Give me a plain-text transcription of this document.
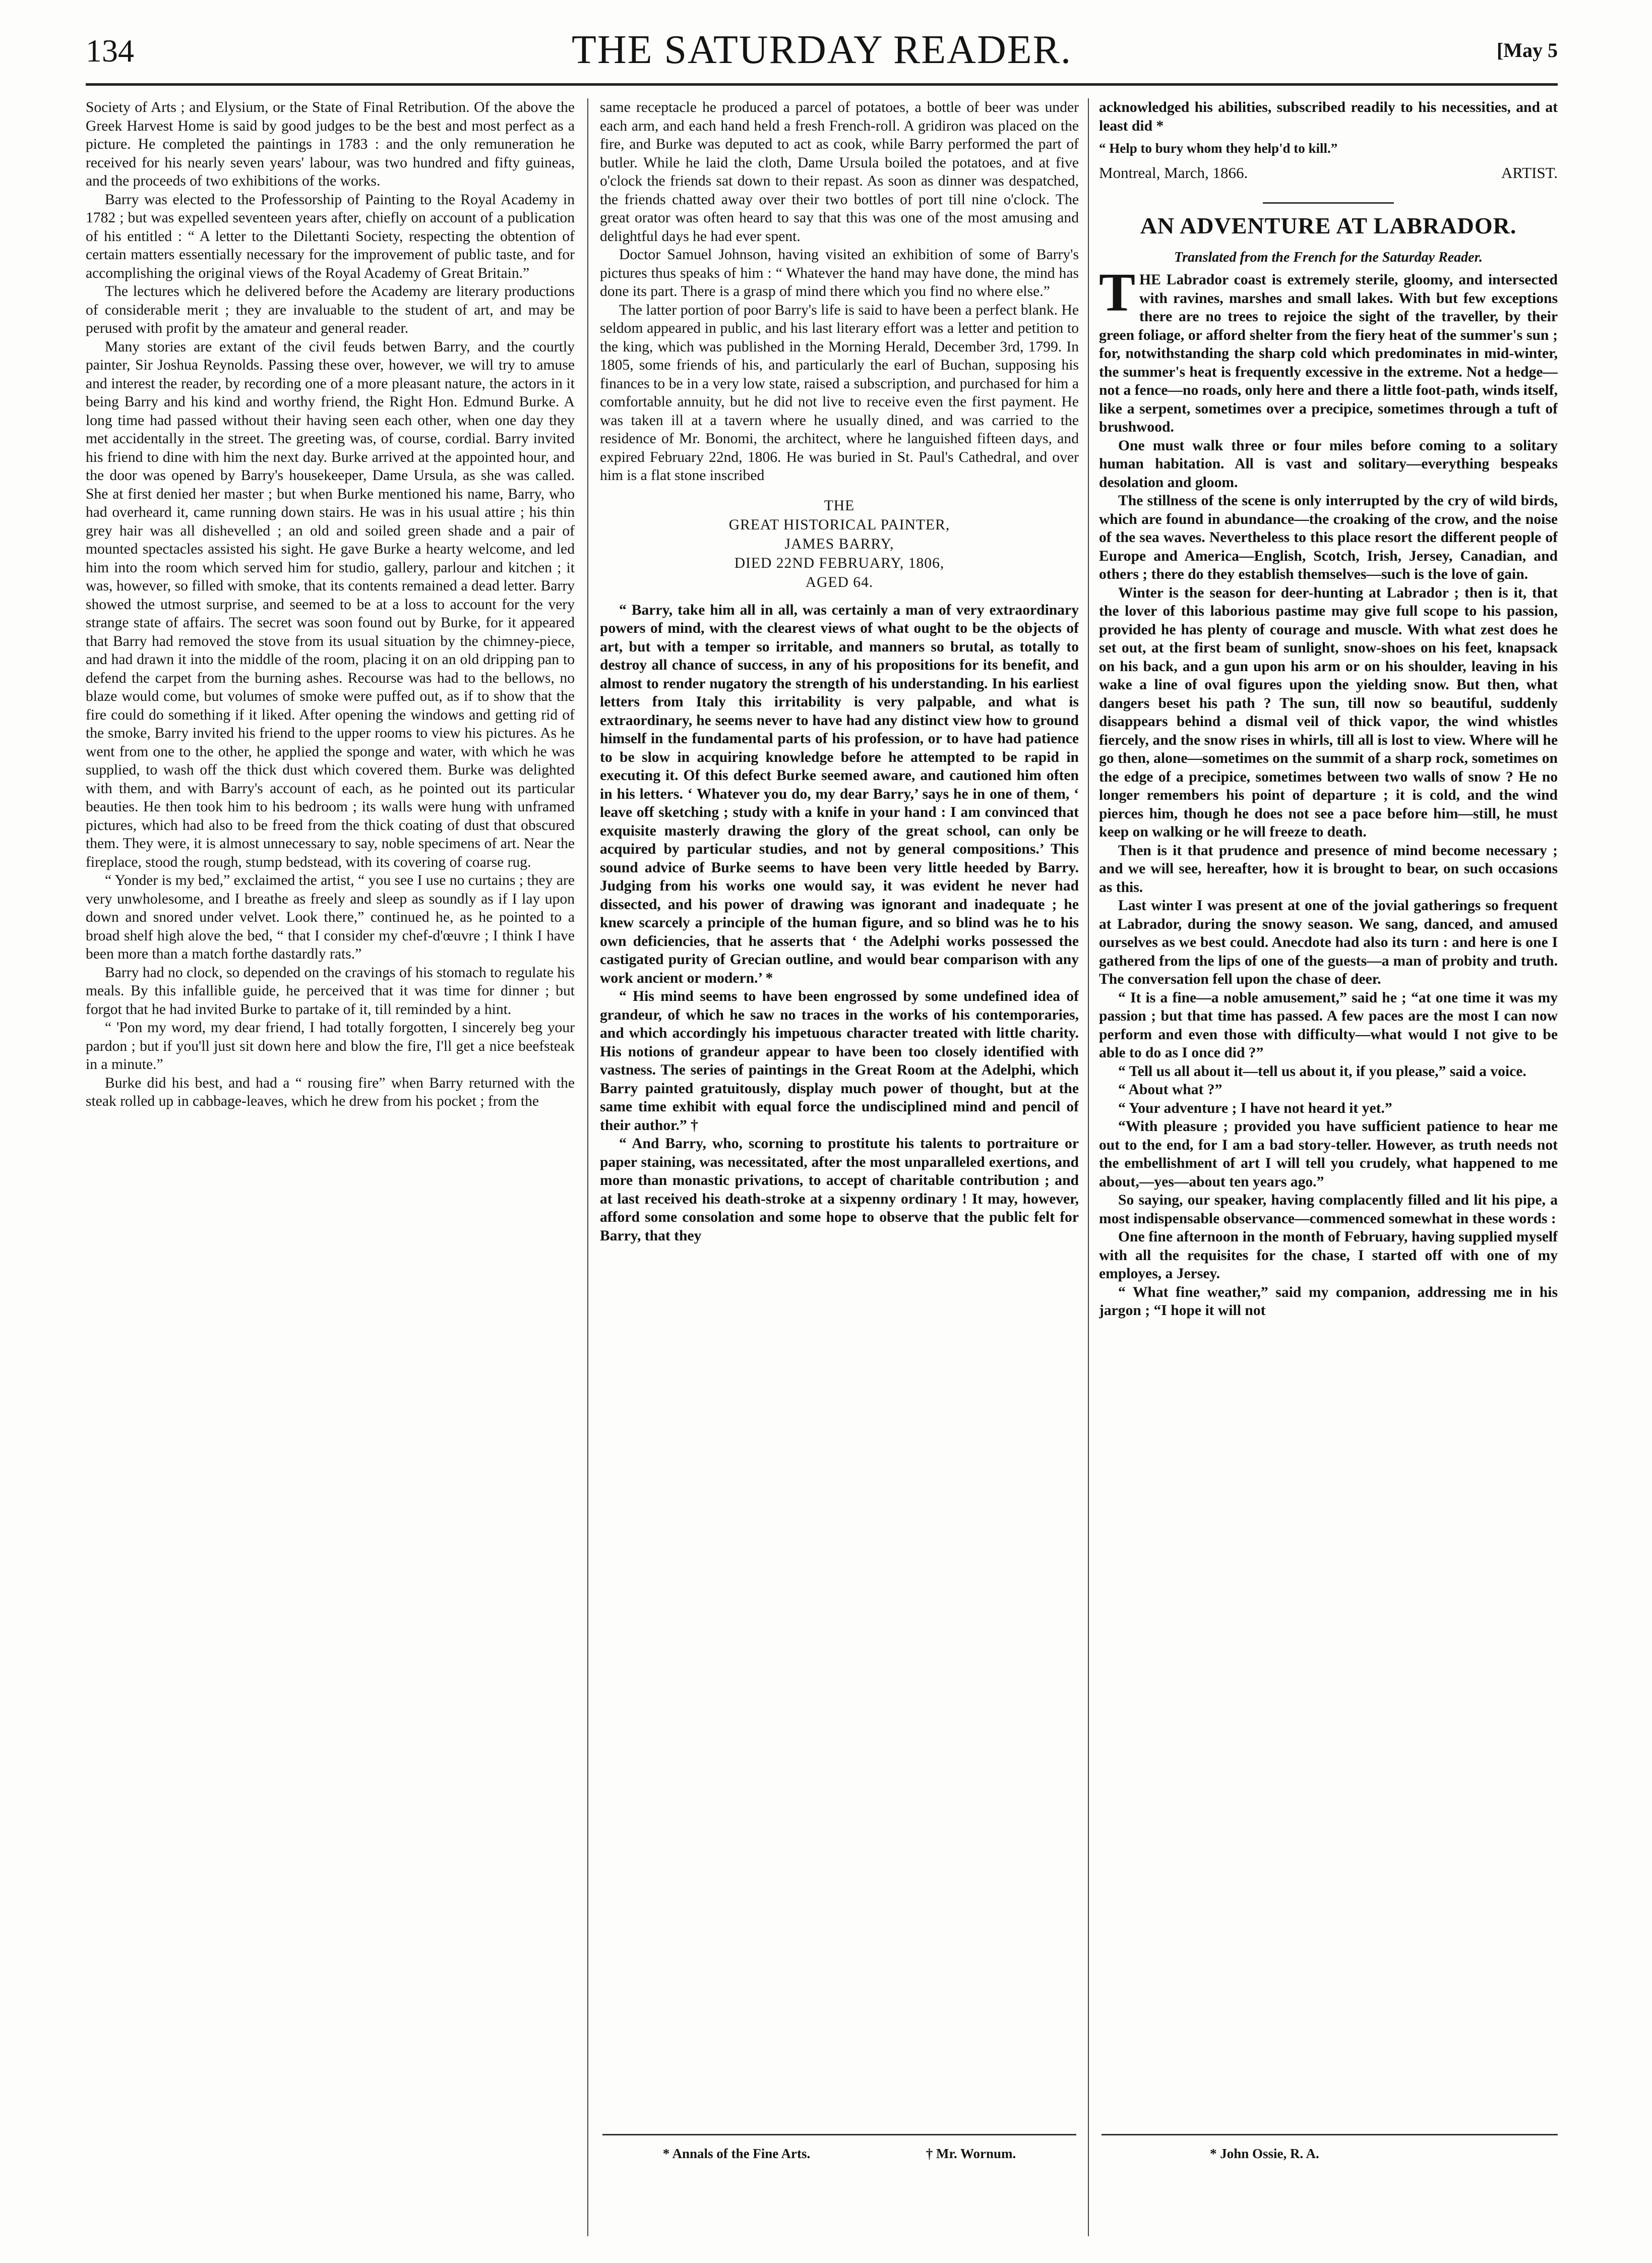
134	THE SATURDAY READER.	[May 5

Society of Arts ; and Elysium, or the State of Final Retribution. Of the above the Greek Harvest Home is said by good judges to be the best and most perfect as a picture. He completed the paintings in 1783 : and the only remuneration he received for his nearly seven years' labour, was two hundred and fifty guineas, and the proceeds of two exhibitions of the works.

Barry was elected to the Professorship of Painting to the Royal Academy in 1782 ; but was expelled seventeen years after, chiefly on account of a publication of his entitled : “ A letter to the Dilettanti Society, respecting the obtention of certain matters essentially necessary for the improvement of public taste, and for accomplishing the original views of the Royal Academy of Great Britain.”

The lectures which he delivered before the Academy are literary productions of considerable merit ; they are invaluable to the student of art, and may be perused with profit by the amateur and general reader.

Many stories are extant of the civil feuds betwen Barry, and the courtly painter, Sir Joshua Reynolds. Passing these over, however, we will try to amuse and interest the reader, by recording one of a more pleasant nature, the actors in it being Barry and his kind and worthy friend, the Right Hon. Edmund Burke. A long time had passed without their having seen each other, when one day they met accidentally in the street. The greeting was, of course, cordial. Barry invited his friend to dine with him the next day. Burke arrived at the appointed hour, and the door was opened by Barry's housekeeper, Dame Ursula, as she was called. She at first denied her master ; but when Burke mentioned his name, Barry, who had overheard it, came running down stairs. He was in his usual attire ; his thin grey hair was all dishevelled ; an old and soiled green shade and a pair of mounted spectacles assisted his sight. He gave Burke a hearty welcome, and led him into the room which served him for studio, gallery, parlour and kitchen ; it was, however, so filled with smoke, that its contents remained a dead letter. Barry showed the utmost surprise, and seemed to be at a loss to account for the very strange state of affairs. The secret was soon found out by Burke, for it appeared that Barry had removed the stove from its usual situation by the chimney-piece, and had drawn it into the middle of the room, placing it on an old dripping pan to defend the carpet from the burning ashes. Recourse was had to the bellows, no blaze would come, but volumes of smoke were puffed out, as if to show that the fire could do something if it liked. After opening the windows and getting rid of the smoke, Barry invited his friend to the upper rooms to view his pictures. As he went from one to the other, he applied the sponge and water, with which he was supplied, to wash off the thick dust which covered them. Burke was delighted with them, and with Barry's account of each, as he pointed out its particular beauties. He then took him to his bedroom ; its walls were hung with unframed pictures, which had also to be freed from the thick coating of dust that obscured them. They were, it is almost unnecessary to say, noble specimens of art. Near the fireplace, stood the rough, stump bedstead, with its covering of coarse rug.

“ Yonder is my bed,” exclaimed the artist, “ you see I use no curtains ; they are very unwholesome, and I breathe as freely and sleep as soundly as if I lay upon down and snored under velvet. Look there,” continued he, as he pointed to a broad shelf high alove the bed, “ that I consider my chef-d'œuvre ; I think I have been more than a match forthe dastardly rats.”

Barry had no clock, so depended on the cravings of his stomach to regulate his meals. By this infallible guide, he perceived that it was time for dinner ; but forgot that he had invited Burke to partake of it, till reminded by a hint.

“ 'Pon my word, my dear friend, I had totally forgotten, I sincerely beg your pardon ; but if you'll just sit down here and blow the fire, I'll get a nice beefsteak in a minute.”

Burke did his best, and had a “ rousing fire” when Barry returned with the steak rolled up in cabbage-leaves, which he drew from his pocket ; from the

same receptacle he produced a parcel of potatoes, a bottle of beer was under each arm, and each hand held a fresh French-roll. A gridiron was placed on the fire, and Burke was deputed to act as cook, while Barry performed the part of butler. While he laid the cloth, Dame Ursula boiled the potatoes, and at five o'clock the friends sat down to their repast. As soon as dinner was despatched, the friends chatted away over their two bottles of port till nine o'clock. The great orator was often heard to say that this was one of the most amusing and delightful days he had ever spent.

Doctor Samuel Johnson, having visited an exhibition of some of Barry's pictures thus speaks of him : “ Whatever the hand may have done, the mind has done its part. There is a grasp of mind there which you find no where else.”

The latter portion of poor Barry's life is said to have been a perfect blank. He seldom appeared in public, and his last literary effort was a letter and petition to the king, which was published in the Morning Herald, December 3rd, 1799. In 1805, some friends of his, and particularly the earl of Buchan, supposing his finances to be in a very low state, raised a subscription, and purchased for him a comfortable annuity, but he did not live to receive even the first payment. He was taken ill at a tavern where he usually dined, and was carried to the residence of Mr. Bonomi, the architect, where he languished fifteen days, and expired February 22nd, 1806. He was buried in St. Paul's Cathedral, and over him is a flat stone inscribed

THE
GREAT HISTORICAL PAINTER,
JAMES BARRY,
DIED 22ND FEBRUARY, 1806,
AGED 64.

“ Barry, take him all in all, was certainly a man of very extraordinary powers of mind, with the clearest views of what ought to be the objects of art, but with a temper so irritable, and manners so brutal, as totally to destroy all chance of success, in any of his propositions for its benefit, and almost to render nugatory the strength of his understanding. In his earliest letters from Italy this irritability is very palpable, and what is extraordinary, he seems never to have had any distinct view how to ground himself in the fundamental parts of his profession, or to have had patience to be slow in acquiring knowledge before he attempted to be rapid in executing it. Of this defect Burke seemed aware, and cautioned him often in his letters. ‘ Whatever you do, my dear Barry,’ says he in one of them, ‘ leave off sketching ; study with a knife in your hand : I am convinced that exquisite masterly drawing the glory of the great school, can only be acquired by particular studies, and not by general compositions.’ This sound advice of Burke seems to have been very little heeded by Barry. Judging from his works one would say, it was evident he never had dissected, and his power of drawing was ignorant and inadequate ; he knew scarcely a principle of the human figure, and so blind was he to his own deficiencies, that he asserts that ‘ the Adelphi works possessed the castigated purity of Grecian outline, and would bear comparison with any work ancient or modern.’ *

“ His mind seems to have been engrossed by some undefined idea of grandeur, of which he saw no traces in the works of his contemporaries, and which accordingly his impetuous character treated with little charity. His notions of grandeur appear to have been too closely identified with vastness. The series of paintings in the Great Room at the Adelphi, which Barry painted gratuitously, display much power of thought, but at the same time exhibit with equal force the undisciplined mind and pencil of their author.” †

“ And Barry, who, scorning to prostitute his talents to portraiture or paper staining, was necessitated, after the most unparalleled exertions, and more than monastic privations, to accept of charitable contribution ; and at last received his death-stroke at a sixpenny ordinary ! It may, however, afford some consolation and some hope to observe that the public felt for Barry, that they

* Annals of the Fine Arts.	† Mr. Wornum.

acknowledged his abilities, subscribed readily to his necessities, and at least did *

“ Help to bury whom they help'd to kill.”
Montreal, March, 1866.	ARTIST.
AN ADVENTURE AT LABRADOR.
Translated from the French for the Saturday Reader.

THE Labrador coast is extremely sterile, gloomy, and intersected with ravines, marshes and small lakes. With but few exceptions there are no trees to rejoice the sight of the traveller, by their green foliage, or afford shelter from the fiery heat of the summer's sun ; for, notwithstanding the sharp cold which predominates in mid-winter, the summer's heat is frequently excessive in the extreme. Not a hedge—not a fence—no roads, only here and there a little foot-path, winds itself, like a serpent, sometimes over a precipice, sometimes through a tuft of brushwood.

One must walk three or four miles before coming to a solitary human habitation. All is vast and solitary—everything bespeaks desolation and gloom.

The stillness of the scene is only interrupted by the cry of wild birds, which are found in abundance—the croaking of the crow, and the noise of the sea waves. Nevertheless to this place resort the different people of Europe and America—English, Scotch, Irish, Jersey, Canadian, and others ; there do they establish themselves—such is the love of gain.

Winter is the season for deer-hunting at Labrador ; then is it, that the lover of this laborious pastime may give full scope to his passion, provided he has plenty of courage and muscle. With what zest does he set out, at the first beam of sunlight, snow-shoes on his feet, knapsack on his back, and a gun upon his arm or on his shoulder, leaving in his wake a line of oval figures upon the yielding snow. But then, what dangers beset his path ? The sun, till now so beautiful, suddenly disappears behind a dismal veil of thick vapor, the wind whistles fiercely, and the snow rises in whirls, till all is lost to view. Where will he go then, alone—sometimes on the summit of a sharp rock, sometimes on the edge of a precipice, sometimes between two walls of snow ? He no longer remembers his point of departure ; it is cold, and the wind pierces him, though he does not see a pace before him—still, he must keep on walking or he will freeze to death.

Then is it that prudence and presence of mind become necessary ; and we will see, hereafter, how it is brought to bear, on such occasions as this.

Last winter I was present at one of the jovial gatherings so frequent at Labrador, during the snowy season. We sang, danced, and amused ourselves as we best could. Anecdote had also its turn : and here is one I gathered from the lips of one of the guests—a man of probity and truth. The conversation fell upon the chase of deer.

“ It is a fine—a noble amusement,” said he ; “at one time it was my passion ; but that time has passed. A few paces are the most I can now perform and even those with difficulty—what would I not give to be able to do as I once did ?”

“ Tell us all about it—tell us about it, if you please,” said a voice.

“ About what ?”

“ Your adventure ; I have not heard it yet.”

“With pleasure ; provided you have sufficient patience to hear me out to the end, for I am a bad story-teller. However, as truth needs not the embellishment of art I will tell you crudely, what happened to me about,—yes—about ten years ago.”

So saying, our speaker, having complacently filled and lit his pipe, a most indispensable observance—commenced somewhat in these words :

One fine afternoon in the month of February, having supplied myself with all the requisites for the chase, I started off with one of my employes, a Jersey.

“ What fine weather,” said my companion, addressing me in his jargon ; “I hope it will not

* John Ossie, R. A.
